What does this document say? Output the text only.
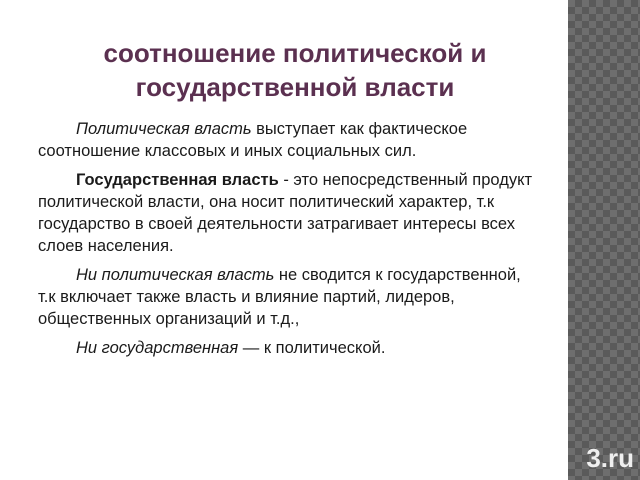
соотношение политической и государственной власти

Политическая власть выступает как фактическое соотношение классовых и иных социальных сил.

Государственная власть - это непосредственный продукт политической власти, она носит политический характер, т.к государство в своей деятельности затрагивает интересы всех слоев населения.

Ни политическая власть не сводится к государственной, т.к включает также власть и влияние партий, лидеров, общественных организаций и т.д.,

Ни государственная — к политической.

3.ru
